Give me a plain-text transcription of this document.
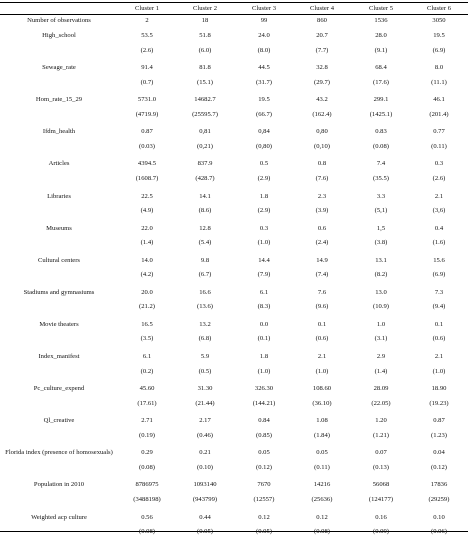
Cluster 1	Cluster 2	Cluster 3	Cluster 4	Cluster 5	Cluster 6
Number of observations	2	18	99	860	1536	3050
High_school	53.5	51.8	24.0	20.7	28.0	19.5
(2.6)	(6.0)	(8.0)	(7.7)	(9.1)	(6.9)
Sewage_rate	91.4	81.8	44.5	32.8	68.4	8.0
(0.7)	(15.1)	(31.7)	(29.7)	(17.6)	(11.1)
Hom_rate_15_29	5731.0	14682.7	19.5	43.2	299.1	46.1
(4719.9)	(25595.7)	(66.7)	(162.4)	(1425.1)	(201.4)
Ifdm_health	0.87	0,81	0,84	0,80	0.83	0.77
(0.03)	(0,21)	(0,80)	(0,10)	(0.08)	(0.11)
Articles	4394.5	837.9	0.5	0.8	7.4	0.3
(1608.7)	(428.7)	(2.9)	(7.6)	(35.5)	(2.6)
Libraries	22.5	14.1	1.8	2.3	3.3	2.1
(4.9)	(8.6)	(2.9)	(3.9)	(5,1)	(3,6)
Museums	22.0	12.8	0.3	0.6	1,5	0.4
(1.4)	(5.4)	(1.0)	(2.4)	(3.8)	(1.6)
Cultural centers	14.0	9.8	14.4	14.9	13.1	15.6
(4.2)	(6.7)	(7.9)	(7.4)	(8.2)	(6.9)
Stadiums and gymnasiums	20.0	16.6	6.1	7.6	13.0	7.3
(21.2)	(13.6)	(8.3)	(9.6)	(10.9)	(9.4)
Movie theaters	16.5	13.2	0.0	0.1	1.0	0.1
(3.5)	(6.8)	(0.1)	(0.6)	(3.1)	(0.6)
Index_manifest	6.1	5.9	1.8	2.1	2.9	2.1
(0.2)	(0.5)	(1.0)	(1.0)	(1.4)	(1.0)
Pc_culture_expend	45.60	31.30	326.30	108.60	28.09	18.90
(17.61)	(21.44)	(144.21)	(36.10)	(22.05)	(19.23)
Ql_creative	2.71	2.17	0.84	1.08	1.20	0.87
(0.19)	(0.46)	(0.85)	(1.84)	(1.21)	(1.23)
Florida index (presence of homosexuals)	0.29	0.21	0.05	0.05	0.07	0.04
(0.08)	(0.10)	(0.12)	(0.11)	(0.13)	(0.12)
Population in 2010	8786975	1093140	7670	14216	56068	17836
(3488198)	(943799)	(12557)	(25636)	(124177)	(29259)
Weighted acp culture	0.56	0.44	0.12	0.12	0.16	0.10
(0.08)	(0.05)	(0.05)	(0.08)	(0.09)	(0.06)
